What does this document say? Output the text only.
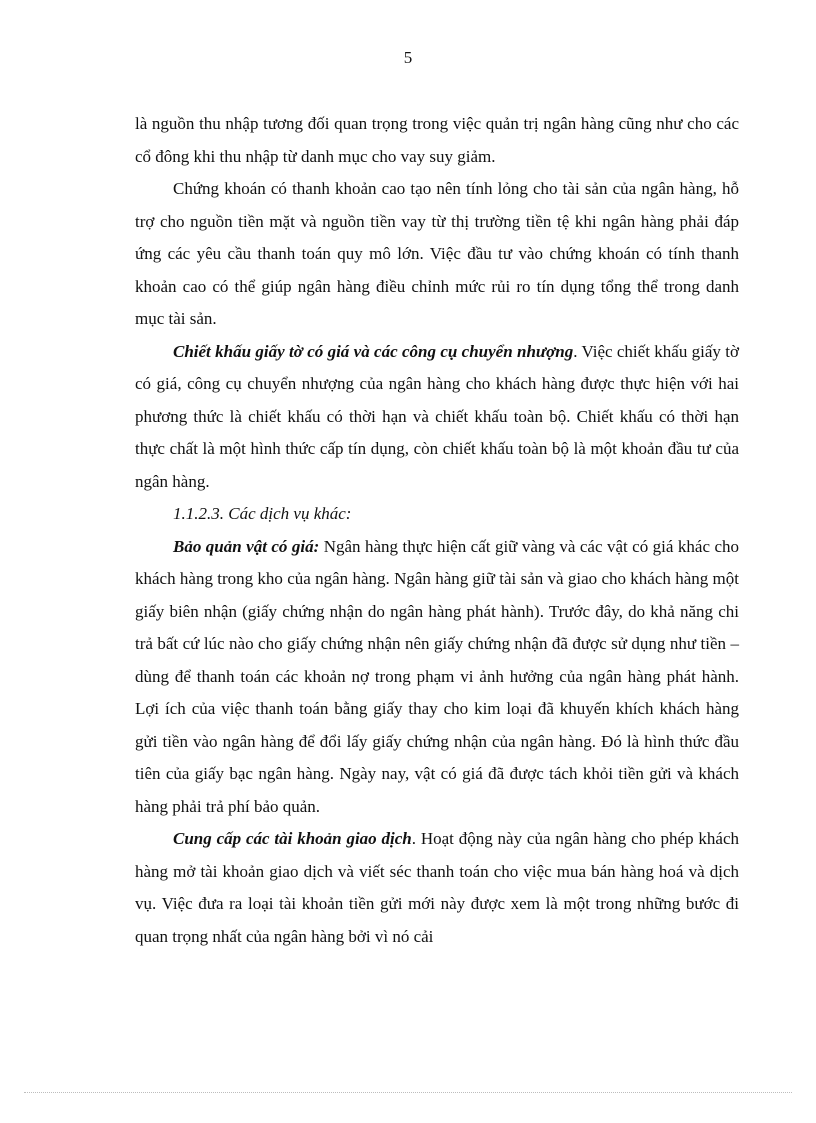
5

là nguồn thu nhập tương đối quan trọng trong việc quản trị ngân hàng cũng như cho các cổ đông khi thu nhập từ danh mục cho vay suy giảm.

Chứng khoán có thanh khoản cao tạo nên tính lỏng cho tài sản của ngân hàng, hỗ trợ cho nguồn tiền mặt và nguồn tiền vay từ thị trường tiền tệ khi ngân hàng phải đáp ứng các yêu cầu thanh toán quy mô lớn. Việc đầu tư vào chứng khoán có tính thanh khoản cao có thể giúp ngân hàng điều chỉnh mức rủi ro tín dụng tổng thể trong danh mục tài sản.

Chiết khấu giấy tờ có giá và các công cụ chuyển nhượng. Việc chiết khấu giấy tờ có giá, công cụ chuyển nhượng của ngân hàng cho khách hàng được thực hiện với hai phương thức là chiết khấu có thời hạn và chiết khấu toàn bộ. Chiết khấu có thời hạn thực chất là một hình thức cấp tín dụng, còn chiết khấu toàn bộ là một khoản đầu tư của ngân hàng.

1.1.2.3. Các dịch vụ khác:

Bảo quản vật có giá: Ngân hàng thực hiện cất giữ vàng và các vật có giá khác cho khách hàng trong kho của ngân hàng. Ngân hàng giữ tài sản và giao cho khách hàng một giấy biên nhận (giấy chứng nhận do ngân hàng phát hành). Trước đây, do khả năng chi trả bất cứ lúc nào cho giấy chứng nhận nên giấy chứng nhận đã được sử dụng như tiền – dùng để thanh toán các khoản nợ trong phạm vi ảnh hưởng của ngân hàng phát hành. Lợi ích của việc thanh toán bằng giấy thay cho kim loại đã khuyến khích khách hàng gửi tiền vào ngân hàng để đổi lấy giấy chứng nhận của ngân hàng. Đó là hình thức đầu tiên của giấy bạc ngân hàng. Ngày nay, vật có giá đã được tách khỏi tiền gửi và khách hàng phải trả phí bảo quản.

Cung cấp các tài khoản giao dịch. Hoạt động này của ngân hàng cho phép khách hàng mở tài khoản giao dịch và viết séc thanh toán cho việc mua bán hàng hoá và dịch vụ. Việc đưa ra loại tài khoản tiền gửi mới này được xem là một trong những bước đi quan trọng nhất của ngân hàng bởi vì nó cải
